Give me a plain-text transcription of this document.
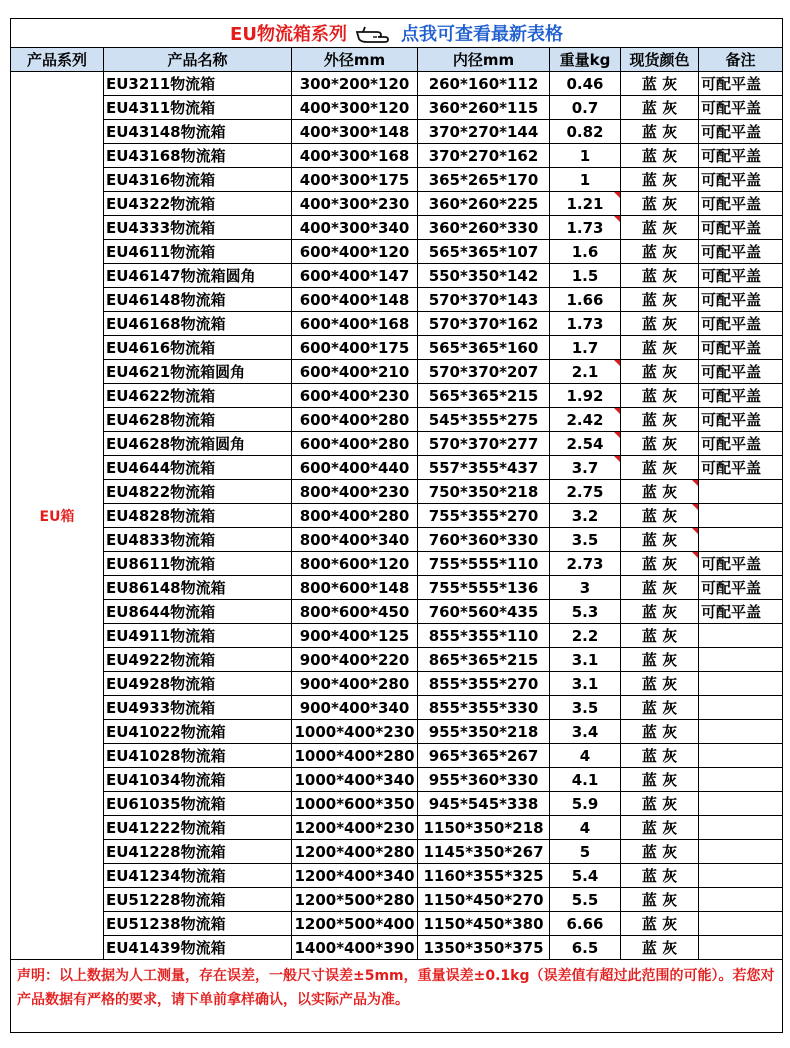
EU物流箱系列 点我可查看最新表格						
产品系列	产品名称	外径mm	内径mm	重量kg	现货颜色	备注
EU箱	EU3211物流箱	300*200*120	260*160*112	0.46	蓝 灰	可配平盖
	EU4311物流箱	400*300*120	360*260*115	0.7	蓝 灰	可配平盖
	EU43148物流箱	400*300*148	370*270*144	0.82	蓝 灰	可配平盖
	EU43168物流箱	400*300*168	370*270*162	1	蓝 灰	可配平盖
	EU4316物流箱	400*300*175	365*265*170	1	蓝 灰	可配平盖
	EU4322物流箱	400*300*230	360*260*225	1.21	蓝 灰	可配平盖
	EU4333物流箱	400*300*340	360*260*330	1.73	蓝 灰	可配平盖
	EU4611物流箱	600*400*120	565*365*107	1.6	蓝 灰	可配平盖
	EU46147物流箱圆角	600*400*147	550*350*142	1.5	蓝 灰	可配平盖
	EU46148物流箱	600*400*148	570*370*143	1.66	蓝 灰	可配平盖
	EU46168物流箱	600*400*168	570*370*162	1.73	蓝 灰	可配平盖
	EU4616物流箱	600*400*175	565*365*160	1.7	蓝 灰	可配平盖
	EU4621物流箱圆角	600*400*210	570*370*207	2.1	蓝 灰	可配平盖
	EU4622物流箱	600*400*230	565*365*215	1.92	蓝 灰	可配平盖
	EU4628物流箱	600*400*280	545*355*275	2.42	蓝 灰	可配平盖
	EU4628物流箱圆角	600*400*280	570*370*277	2.54	蓝 灰	可配平盖
	EU4644物流箱	600*400*440	557*355*437	3.7	蓝 灰	可配平盖
	EU4822物流箱	800*400*230	750*350*218	2.75	蓝 灰	
	EU4828物流箱	800*400*280	755*355*270	3.2	蓝 灰	
	EU4833物流箱	800*400*340	760*360*330	3.5	蓝 灰	
	EU8611物流箱	800*600*120	755*555*110	2.73	蓝 灰	可配平盖
	EU86148物流箱	800*600*148	755*555*136	3	蓝 灰	可配平盖
	EU8644物流箱	800*600*450	760*560*435	5.3	蓝 灰	可配平盖
	EU4911物流箱	900*400*125	855*355*110	2.2	蓝 灰	
	EU4922物流箱	900*400*220	865*365*215	3.1	蓝 灰	
	EU4928物流箱	900*400*280	855*355*270	3.1	蓝 灰	
	EU4933物流箱	900*400*340	855*355*330	3.5	蓝 灰	
	EU41022物流箱	1000*400*230	955*350*218	3.4	蓝 灰	
	EU41028物流箱	1000*400*280	965*365*267	4	蓝 灰	
	EU41034物流箱	1000*400*340	955*360*330	4.1	蓝 灰	
	EU61035物流箱	1000*600*350	945*545*338	5.9	蓝 灰	
	EU41222物流箱	1200*400*230	1150*350*218	4	蓝 灰	
	EU41228物流箱	1200*400*280	1145*350*267	5	蓝 灰	
	EU41234物流箱	1200*400*340	1160*355*325	5.4	蓝 灰	
	EU51228物流箱	1200*500*280	1150*450*270	5.5	蓝 灰	
	EU51238物流箱	1200*500*400	1150*450*380	6.66	蓝 灰	
	EU41439物流箱	1400*400*390	1350*350*375	6.5	蓝 灰	
声明：以上数据为人工测量，存在误差，一般尺寸误差±5mm，重量误差±0.1kg（误差值有超过此范围的可能）。若您对产品数据有严格的要求，请下单前拿样确认，以实际产品为准。						
